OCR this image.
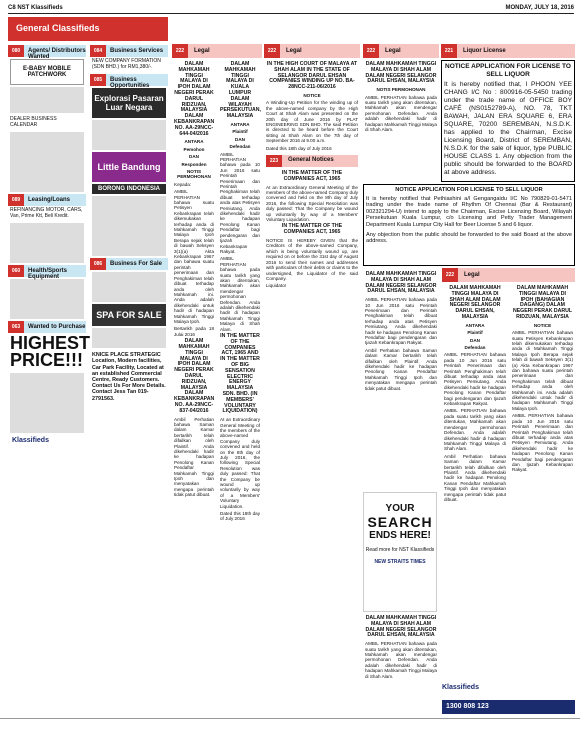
C8 NST Klassifieds	MONDAY, JULY 18, 2016
General Classifieds
080	Agents/ Distributors Wanted
E-BABY MOBILE PATCHWORK
DEALER BUSINESS CALENDAR
089	Leasing/Loans
REFINANCING MOTOR, CARS, Van, Prime Ktt, Beli Kredit.
060	Health/Sports Equipment
063	Wanted to Purchase
HIGHEST PRICE!!!
Klassifieds
084	Business Services
NEW COMPANY FORMATION (SDN BHD.) for RM1,380/-.
085	Business Opportunities
Explorasi Pasaran Luar Negara
Little Bandung
BORONG INDONESIA
086	Business For Sale
SPA FOR SALE
KNICE PLACE STRATEGIC Location, Modern facilities, Car Park Facility, Located at an established Commercial Centre, Ready Customers. Contact Us For More Details. Contact Jess Tan 019-2791563.
222	Legal	222	Legal	222	Legal	221	Liquor License
DALAM MAHKAMAH TINGGI MALAYA DI IPOH DALAM NEGERI PERAK DARUL RIDZUAN, MALAYSIA DALAM KEBANKRAPAN NO. AA-29NCC-644-04/2016
ANTARA
Pemohon
DAN
Responden
NOTIS PERMOHONAN

Kepada:

AMBIL PERHATIAN bahawa suatu Petisyen Kebankrapan telah dikemukakan terhadap anda di Mahkamah Tinggi Malaya Ipoh Berapa sejak telah di bawah Seksyen 3(1)(a) Akta Kebankrapan 1967 dan bahawa suatu perintah penerimaan dan Penghakiman telah dibuat terhadap anda oleh Mahkamah ini. Anda adalah dikehendaki untuk hadir di hadapan Mahkamah Tinggi Malaya Ipoh.

Bertarikh pada 18 Julai 2016

DALAM MAHKAMAH TINGGI MALAYA DI IPOH DALAM NEGERI PERAK DARUL RIDZUAN, MALAYSIA DALAM KEBANKRAPAN NO. AA-29NCC-837-04/2016

Ambil Perhatian bahawa Saman dalam Kamar bertarikh telah difailkan oleh Plaintif. Anda dikehendaki hadir ke hadapan Penolong Kanan Pendaftar Mahkamah Tinggi Ipoh dan menyatakan mengapa perintah tidak patut dibuat.

DALAM MAHKAMAH TINGGI MALAYA DI KUALA LUMPUR DALAM WILAYAH PERSEKUTUAN, MALAYSIA
ANTARA
Plaintif
DAN
Defendan

AMBIL PERHATIAN bahawa pada 10 Jun 2016 satu Perintah Penerimaan dan Perintah Penghakiman telah dibuat terhadap anda atas Petisyen Pemiutang. Anda dikehendaki hadir ke hadapan Penolong Kanan Pendaftar bagi pendengaran dan Ijazah Kebankrapan Rakyat.

AMBIL PERHATIAN bahawa pada suatu tarikh yang akan ditentukan, Mahkamah akan mendengar permohonan Defendan. Anda adalah dikehendaki hadir di hadapan Mahkamah Tinggi Malaya di Shah Alam.

IN THE MATTER OF THE COMPANIES ACT, 1965 AND IN THE MATTER OF BIG SENSATION ELECTRIC ENERGY MALAYSIA SDN. BHD. (IN MEMBERS' VOLUNTARY LIQUIDATION)

At an Extraordinary General Meeting of the members of the above-named Company duly convened and held on the 8th day of July 2016, the following Special Resolution was duly passed: That the Company be wound up voluntarily by way of a Members' Voluntary Liquidation.

Dated this 18th day of July 2016

IN THE HIGH COURT OF MALAYA AT SHAH ALAM IN THE STATE OF SELANGOR DARUL EHSAN COMPANIES WINDING UP NO. BA-28NCC-211-06/2016
NOTICE

A Winding-Up Petition for the winding up of the above-named company by the High Court at Shah Alam was presented on the 20th day of June 2016 by PLAT ENGINEERING SDN BHD. The said Petition is directed to be heard before the Court sitting at Shah Alam on the 7th day of September 2016 at 9.00 a.m.

Dated this 18th day of July 2016

223	General Notices
IN THE MATTER OF THE COMPANIES ACT, 1965

At an Extraordinary General Meeting of the members of the above-named Company duly convened and held on the 8th day of July 2016, the following Special Resolution was duly passed: That the Company be wound up voluntarily by way of a Members' Voluntary Liquidation.

IN THE MATTER OF THE COMPANIES ACT, 1965

NOTICE IS HEREBY GIVEN that the Creditors of the above-named Company, which is being voluntarily wound up, are required on or before the 31st day of August 2016 to send their names and addresses with particulars of their debts or claims to the undersigned, the Liquidator of the said Company.

Liquidator

DALAM MAHKAMAH TINGGI MALAYA DI SHAH ALAM DALAM NEGERI SELANGOR DARUL EHSAN, MALAYSIA
NOTIS PERMOHONAN

AMBIL PERHATIAN bahawa pada suatu tarikh yang akan ditentukan, Mahkamah akan mendengar permohonan Defendan. Anda adalah dikehendaki hadir di hadapan Mahkamah Tinggi Malaya di Shah Alam.

DALAM MAHKAMAH TINGGI MALAYA DI SHAH ALAM DALAM NEGERI SELANGOR DARUL EHSAN, MALAYSIA

AMBIL PERHATIAN bahawa pada 10 Jun 2016 satu Perintah Penerimaan dan Perintah Penghakiman telah dibuat terhadap anda atas Petisyen Pemiutang. Anda dikehendaki hadir ke hadapan Penolong Kanan Pendaftar bagi pendengaran dan Ijazah Kebankrapan Rakyat.

Ambil Perhatian bahawa Saman dalam Kamar bertarikh telah difailkan oleh Plaintif. Anda dikehendaki hadir ke hadapan Penolong Kanan Pendaftar Mahkamah Tinggi Ipoh dan menyatakan mengapa perintah tidak patut dibuat.

DALAM MAHKAMAH TINGGI MALAYA DI SHAH ALAM DALAM NEGERI SELANGOR DARUL EHSAN, MALAYSIA

AMBIL PERHATIAN bahawa pada suatu tarikh yang akan ditentukan, Mahkamah akan mendengar permohonan Defendan. Anda adalah dikehendaki hadir di hadapan Mahkamah Tinggi Malaya di Shah Alam.

NOTICE APPLICATION FOR LICENSE TO SELL LIQUOR

It is hereby notified that, I PHOON YEE CHANG I/C No : 800916-05-5450 trading under the trade name of OFFICE BOY CAFÉ (NS0152789-A), NO. 78, TKT BAWAH, JALAN ERA SQUARE 6, ERA SQUARE, 70200 SEREMBAN, N.S.D.K. has applied to the Chairman, Excise Licensing Board, District of SEREMBAN, N.S.D.K for the sale of liquor, type PUBLIC HOUSE CLASS 1. Any objection from the public should be forwarded to the BOARD at above address.

NOTICE APPLICATION FOR LICENSE TO SELL LIQUOR

It is hereby notified that Pethiashini a/l Gengangaidu I/C No 790829-01-5471 trading under the trade name of Rhythm Of Chennai (Bar & Restaurant) 002321294-U) intend to apply to the Chairman, Excise Licensing Board, Wilayah Persekutuan Kuala Lumpur, c/o Licensing and Petty Trader Management Department Kuala Lumpur City Hall for Beer License 5 and 6 liquor.

Any objection from the public should be forwarded to the said Board at the above address.

222	Legal
DALAM MAHKAMAH TINGGI MALAYA DI SHAH ALAM DALAM NEGERI SELANGOR DARUL EHSAN, MALAYSIA
ANTARA
Plaintif
DAN
Defendan

AMBIL PERHATIAN bahawa pada 10 Jun 2016 satu Perintah Penerimaan dan Perintah Penghakiman telah dibuat terhadap anda atas Petisyen Pemiutang. Anda dikehendaki hadir ke hadapan Penolong Kanan Pendaftar bagi pendengaran dan Ijazah Kebankrapan Rakyat.

AMBIL PERHATIAN bahawa pada suatu tarikh yang akan ditentukan, Mahkamah akan mendengar permohonan Defendan. Anda adalah dikehendaki hadir di hadapan Mahkamah Tinggi Malaya di Shah Alam.

Ambil Perhatian bahawa Saman dalam Kamar bertarikh telah difailkan oleh Plaintif. Anda dikehendaki hadir ke hadapan Penolong Kanan Pendaftar Mahkamah Tinggi Ipoh dan menyatakan mengapa perintah tidak patut dibuat.

DALAM MAHKAMAH TINGGI MALAYA DI IPOH (BAHAGIAN DAGANG) DALAM NEGERI PERAK DARUL RIDZUAN, MALAYSIA
NOTICE

AMBIL PERHATIAN bahawa suatu Petisyen Kebankrapan telah dikemukakan terhadap anda di Mahkamah Tinggi Malaya Ipoh Berapa sejak telah di bawah Seksyen 3(1)(a) Akta Kebankrapan 1967 dan bahawa suatu perintah penerimaan dan Penghakiman telah dibuat terhadap anda oleh Mahkamah ini. Anda adalah dikehendaki untuk hadir di hadapan Mahkamah Tinggi Malaya Ipoh.

AMBIL PERHATIAN bahawa pada 10 Jun 2016 satu Perintah Penerimaan dan Perintah Penghakiman telah dibuat terhadap anda atas Petisyen Pemiutang. Anda dikehendaki hadir ke hadapan Penolong Kanan Pendaftar bagi pendengaran dan Ijazah Kebankrapan Rakyat.

YOUR
SEARCH
ENDS HERE!
Read more for NST Klassifieds
NEW STRAITS TIMES
Klassifieds
1300 808 123
